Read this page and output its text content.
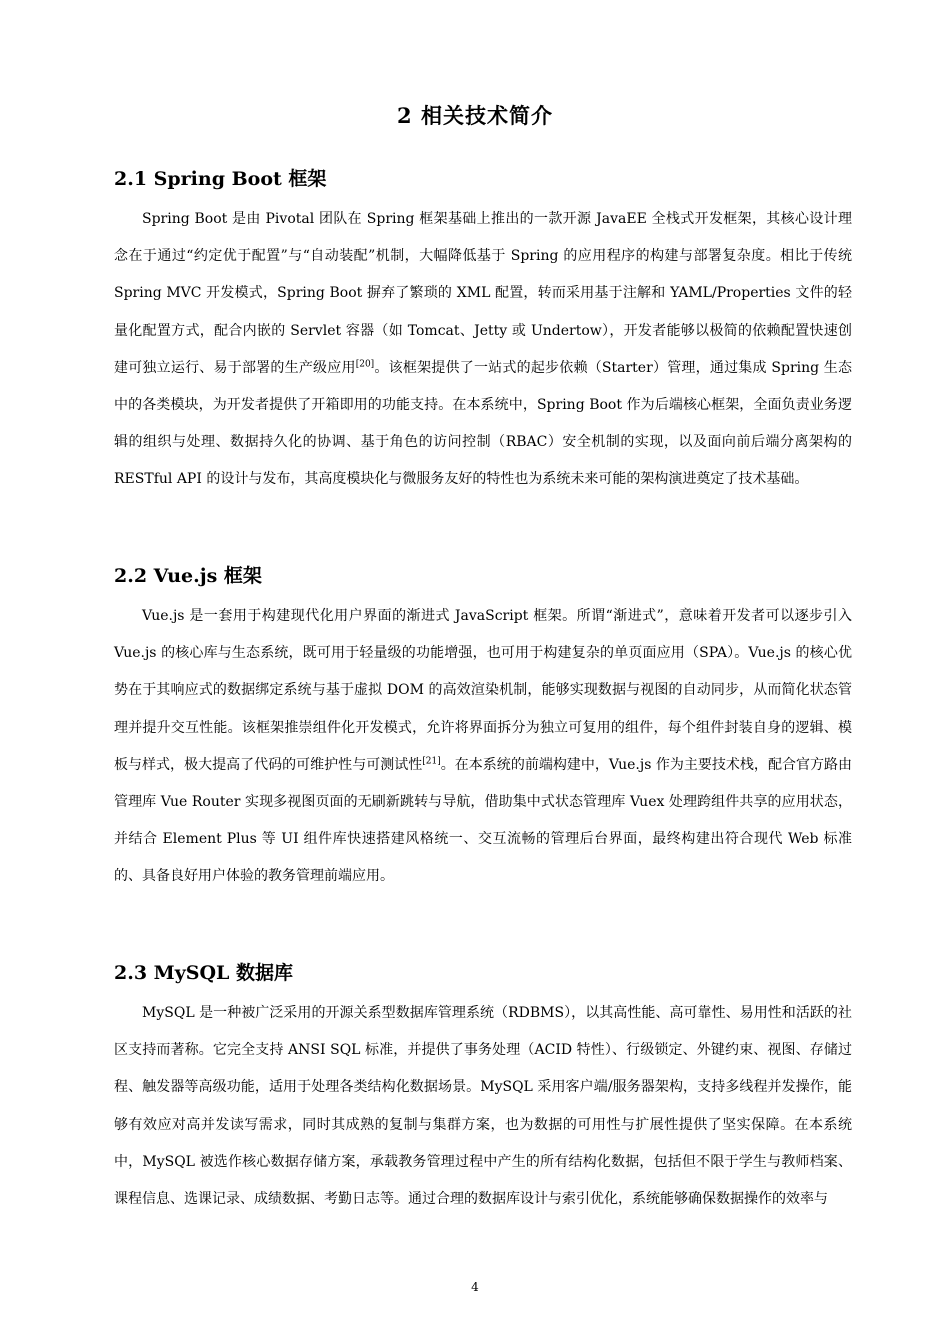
2 相关技术简介
2.1 Spring Boot 框架

Spring Boot 是由 Pivotal 团队在 Spring 框架基础上推出的一款开源 JavaEE 全栈式开发框架，其核心设计理念在于通过“约定优于配置”与“自动装配”机制，大幅降低基于 Spring 的应用程序的构建与部署复杂度。相比于传统 Spring MVC 开发模式，Spring Boot 摒弃了繁琐的 XML 配置，转而采用基于注解和 YAML/Properties 文件的轻量化配置方式，配合内嵌的 Servlet 容器（如 Tomcat、Jetty 或 Undertow），开发者能够以极简的依赖配置快速创建可独立运行、易于部署的生产级应用[20]。该框架提供了一站式的起步依赖（Starter）管理，通过集成 Spring 生态中的各类模块，为开发者提供了开箱即用的功能支持。在本系统中，Spring Boot 作为后端核心框架，全面负责业务逻辑的组织与处理、数据持久化的协调、基于角色的访问控制（RBAC）安全机制的实现，以及面向前后端分离架构的 RESTful API 的设计与发布，其高度模块化与微服务友好的特性也为系统未来可能的架构演进奠定了技术基础。

2.2 Vue.js 框架

Vue.js 是一套用于构建现代化用户界面的渐进式 JavaScript 框架。所谓“渐进式”，意味着开发者可以逐步引入 Vue.js 的核心库与生态系统，既可用于轻量级的功能增强，也可用于构建复杂的单页面应用（SPA）。Vue.js 的核心优势在于其响应式的数据绑定系统与基于虚拟 DOM 的高效渲染机制，能够实现数据与视图的自动同步，从而简化状态管理并提升交互性能。该框架推崇组件化开发模式，允许将界面拆分为独立可复用的组件，每个组件封装自身的逻辑、模板与样式，极大提高了代码的可维护性与可测试性[21]。在本系统的前端构建中，Vue.js 作为主要技术栈，配合官方路由管理库 Vue Router 实现多视图页面的无刷新跳转与导航，借助集中式状态管理库 Vuex 处理跨组件共享的应用状态，并结合 Element Plus 等 UI 组件库快速搭建风格统一、交互流畅的管理后台界面，最终构建出符合现代 Web 标准的、具备良好用户体验的教务管理前端应用。

2.3 MySQL 数据库

MySQL 是一种被广泛采用的开源关系型数据库管理系统（RDBMS），以其高性能、高可靠性、易用性和活跃的社区支持而著称。它完全支持 ANSI SQL 标准，并提供了事务处理（ACID 特性）、行级锁定、外键约束、视图、存储过程、触发器等高级功能，适用于处理各类结构化数据场景。MySQL 采用客户端/服务器架构，支持多线程并发操作，能够有效应对高并发读写需求，同时其成熟的复制与集群方案，也为数据的可用性与扩展性提供了坚实保障。在本系统中，MySQL 被选作核心数据存储方案，承载教务管理过程中产生的所有结构化数据，包括但不限于学生与教师档案、课程信息、选课记录、成绩数据、考勤日志等。通过合理的数据库设计与索引优化，系统能够确保数据操作的效率与

4
